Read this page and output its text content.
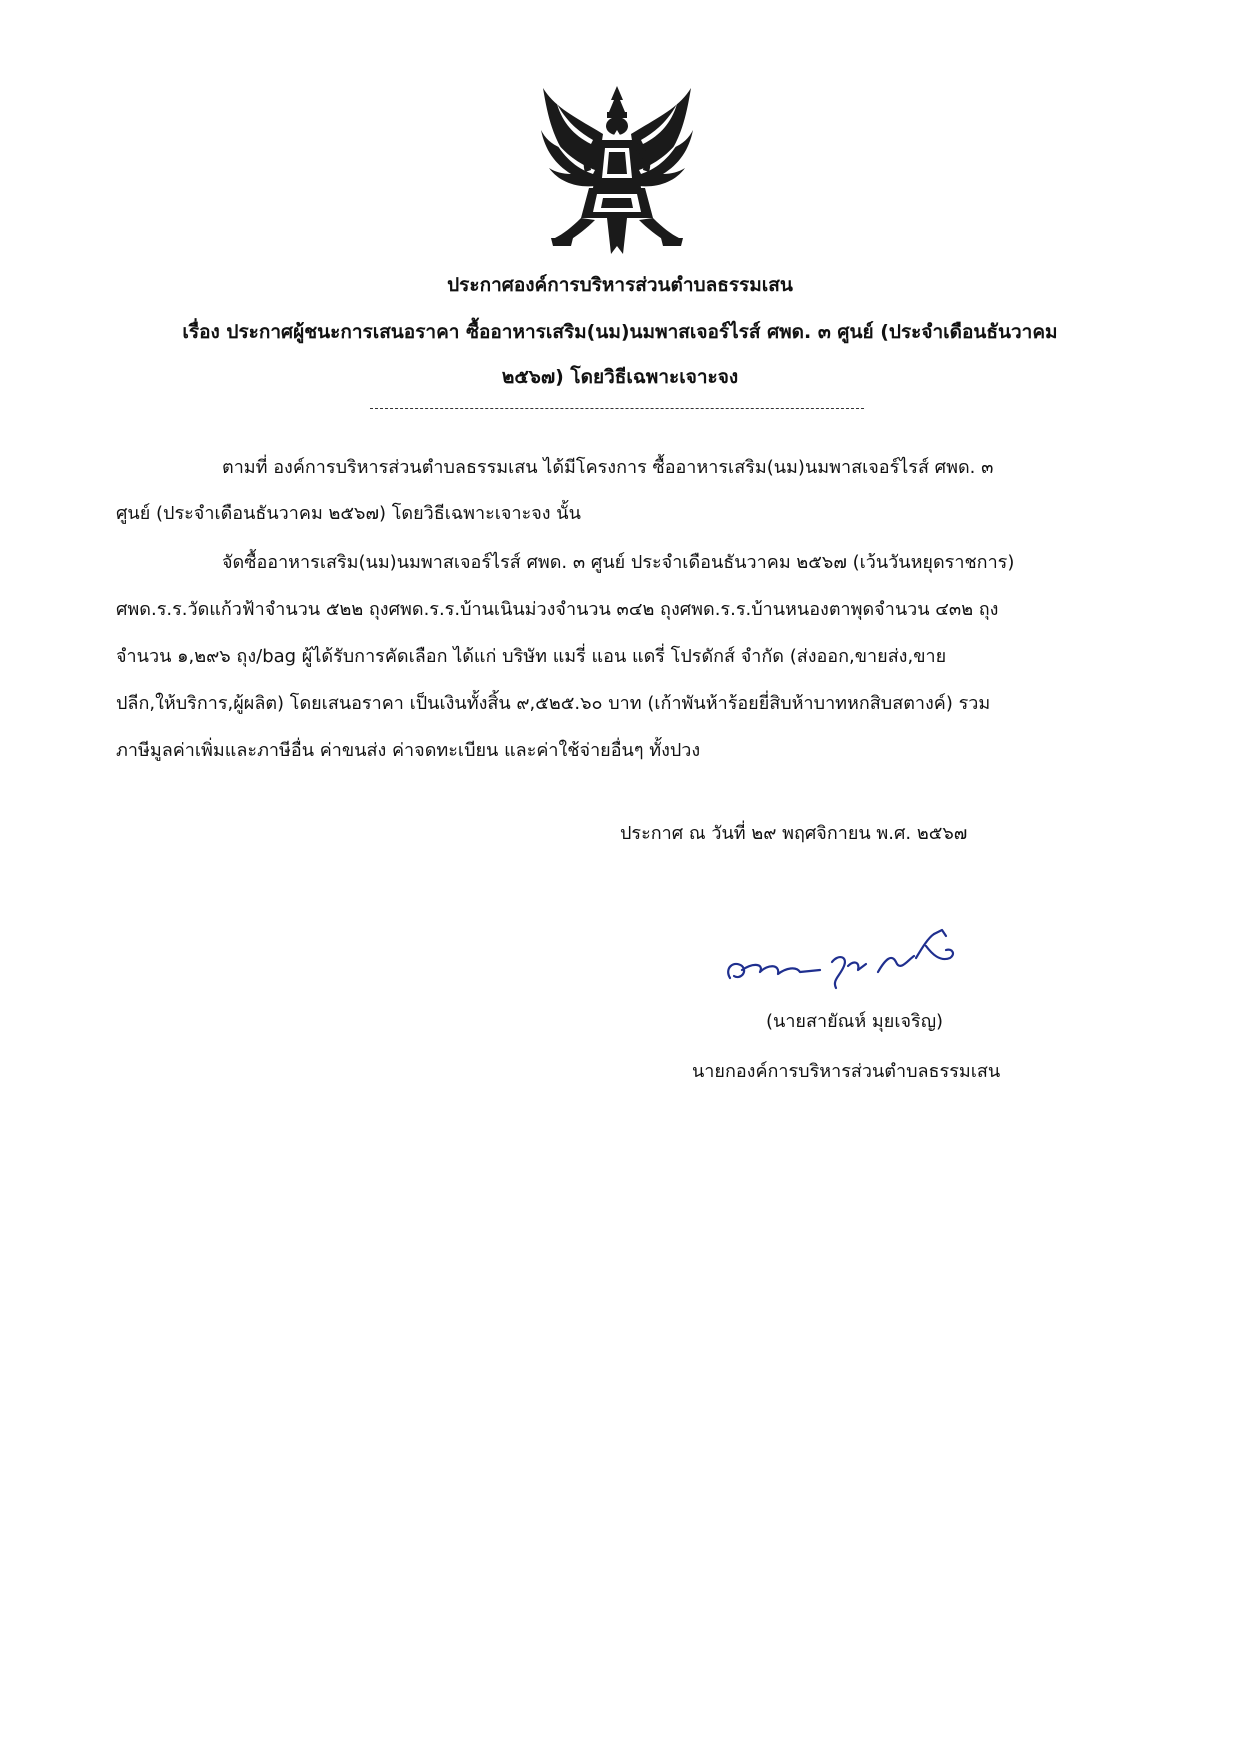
ประกาศองค์การบริหารส่วนตำบลธรรมเสน
เรื่อง ประกาศผู้ชนะการเสนอราคา ซื้ออาหารเสริม(นม)นมพาสเจอร์ไรส์ ศพด. ๓ ศูนย์ (ประจำเดือนธันวาคม
๒๕๖๗) โดยวิธีเฉพาะเจาะจง
ตามที่ องค์การบริหารส่วนตำบลธรรมเสน ได้มีโครงการ ซื้ออาหารเสริม(นม)นมพาสเจอร์ไรส์ ศพด. ๓
ศูนย์ (ประจำเดือนธันวาคม ๒๕๖๗) โดยวิธีเฉพาะเจาะจง นั้น
จัดซื้ออาหารเสริม(นม)นมพาสเจอร์ไรส์ ศพด. ๓ ศูนย์ ประจำเดือนธันวาคม ๒๕๖๗ (เว้นวันหยุดราชการ)
ศพด.ร.ร.วัดแก้วฟ้าจำนวน ๕๒๒ ถุงศพด.ร.ร.บ้านเนินม่วงจำนวน ๓๔๒ ถุงศพด.ร.ร.บ้านหนองตาพุดจำนวน ๔๓๒ ถุง
จำนวน ๑,๒๙๖ ถุง/bag ผู้ได้รับการคัดเลือก ได้แก่ บริษัท แมรี่ แอน แดรี่ โปรดักส์ จำกัด (ส่งออก,ขายส่ง,ขาย
ปลีก,ให้บริการ,ผู้ผลิต) โดยเสนอราคา เป็นเงินทั้งสิ้น ๙,๕๒๕.๖๐ บาท (เก้าพันห้าร้อยยี่สิบห้าบาทหกสิบสตางค์) รวม
ภาษีมูลค่าเพิ่มและภาษีอื่น ค่าขนส่ง ค่าจดทะเบียน และค่าใช้จ่ายอื่นๆ ทั้งปวง
ประกาศ ณ วันที่ ๒๙ พฤศจิกายน พ.ศ. ๒๕๖๗
(นายสายัณห์ มุยเจริญ)
นายกองค์การบริหารส่วนตำบลธรรมเสน
